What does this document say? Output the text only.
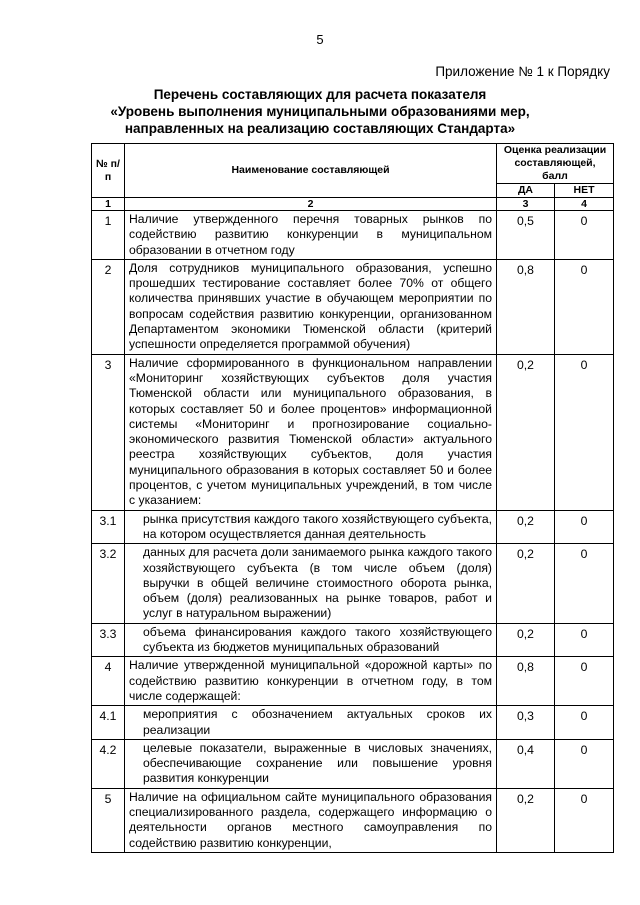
5
Приложение № 1 к Порядку
Перечень составляющих для расчета показателя
«Уровень выполнения муниципальными образованиями мер,
направленных на реализацию составляющих Стандарта»
№ п/п	Наименование составляющей	Оценка реализации составляющей, балл	
		ДА	НЕТ
1	2	3	4
1	Наличие утвержденного перечня товарных рынков по содействию развитию конкуренции в муниципальном образовании в отчетном году	0,5	0
2	Доля сотрудников муниципального образования, успешно прошедших тестирование составляет более 70% от общего количества принявших участие в обучающем мероприятии по вопросам содействия развитию конкуренции, организованном Департаментом экономики Тюменской области (критерий успешности определяется программой обучения)	0,8	0
3	Наличие сформированного в функциональном направлении «Мониторинг хозяйствующих субъектов доля участия Тюменской области или муниципального образования, в которых составляет 50 и более процентов» информационной системы «Мониторинг и прогнозирование социально-экономического развития Тюменской области» актуального реестра хозяйствующих субъектов, доля участия муниципального образования в которых составляет 50 и более процентов, с учетом муниципальных учреждений, в том числе с указанием:	0,2	0
3.1	рынка присутствия каждого такого хозяйствующего субъекта, на котором осуществляется данная деятельность	0,2	0
3.2	данных для расчета доли занимаемого рынка каждого такого хозяйствующего субъекта (в том числе объем (доля) выручки в общей величине стоимостного оборота рынка, объем (доля) реализованных на рынке товаров, работ и услуг в натуральном выражении)	0,2	0
3.3	объема финансирования каждого такого хозяйствующего субъекта из бюджетов муниципальных образований	0,2	0
4	Наличие утвержденной муниципальной «дорожной карты» по содействию развитию конкуренции в отчетном году, в том числе содержащей:	0,8	0
4.1	мероприятия с обозначением актуальных сроков их реализации	0,3	0
4.2	целевые показатели, выраженные в числовых значениях, обеспечивающие сохранение или повышение уровня развития конкуренции	0,4	0
5	Наличие на официальном сайте муниципального образования специализированного раздела, содержащего информацию о деятельности органов местного самоуправления по содействию развитию конкуренции,	0,2	0
